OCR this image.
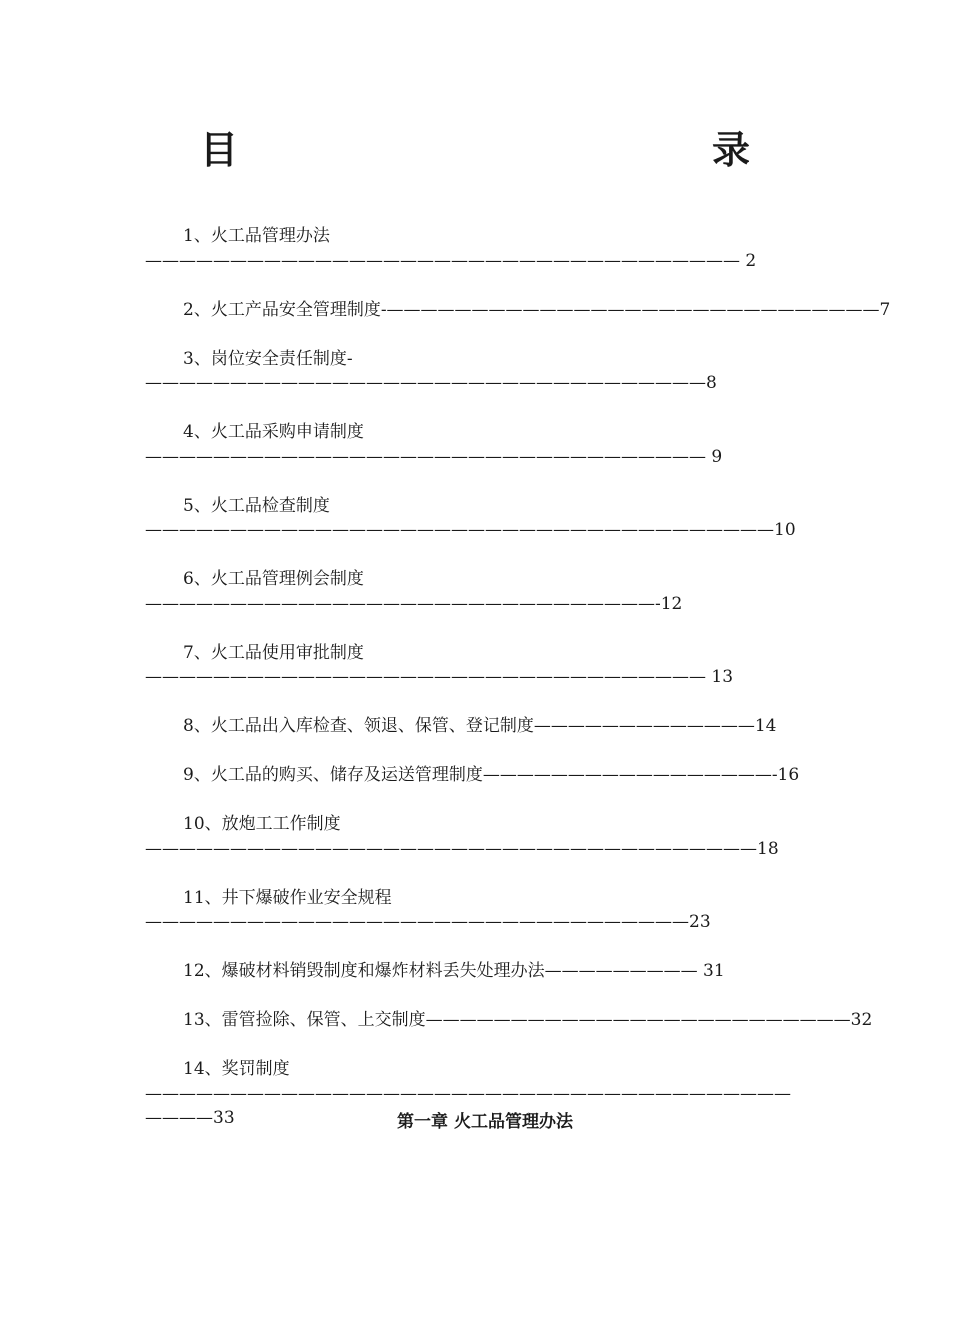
目　　　录

1、火工品管理办法——————————————————————————————————— 2

2、火工产品安全管理制度-—————————————————————————————7

3、岗位安全责任制度-—————————————————————————————————8

4、火工品采购申请制度————————————————————————————————— 9

5、火工品检查制度—————————————————————————————————————10

6、火工品管理例会制度 ——————————————————————————————-12

7、火工品使用审批制度————————————————————————————————— 13

8、火工品出入库检查、领退、保管、登记制度—————————————14

9、火工品的购买、储存及运送管理制度—————————————————-16

10、放炮工工作制度————————————————————————————————————18

11、井下爆破作业安全规程————————————————————————————————23

12、爆破材料销毁制度和爆炸材料丢失处理办法————————— 31

13、雷管捡除、保管、上交制度—————————————————————————32

14、奖罚制度——————————————————————————————————————————33	第一章 火工品管理办法
